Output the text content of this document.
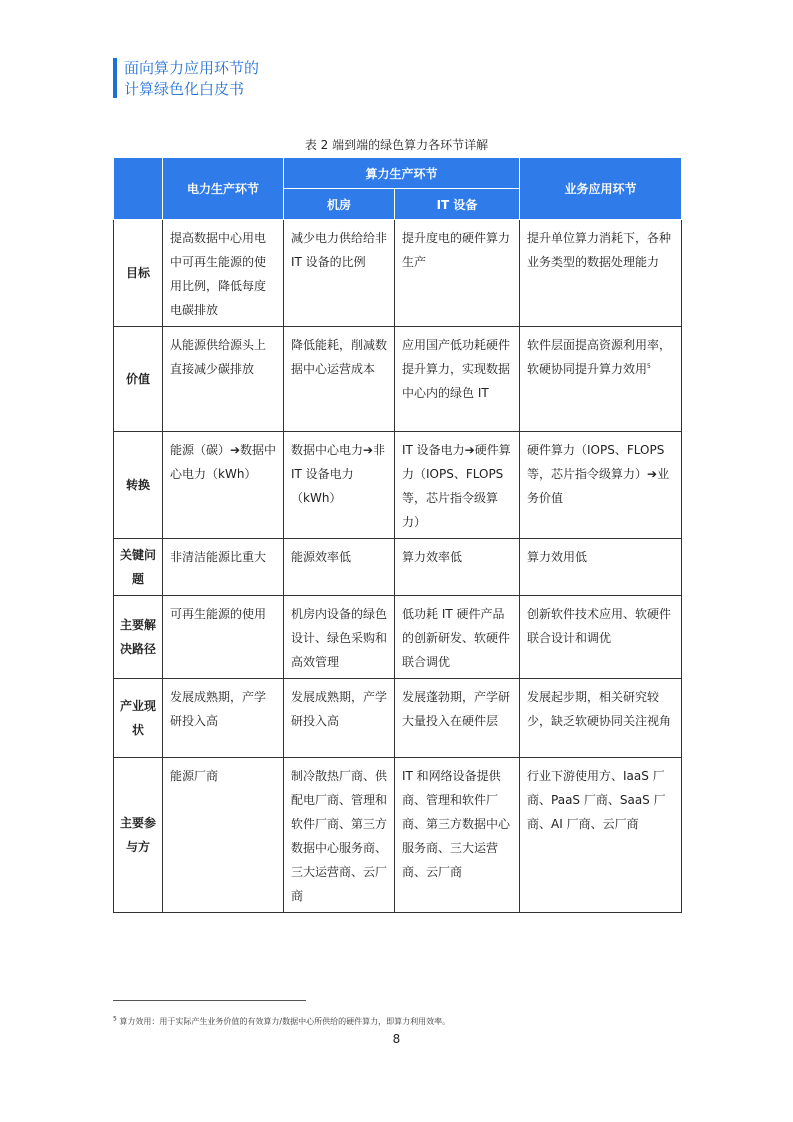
面向算力应用环节的
计算绿色化白皮书
表 2 端到端的绿色算力各环节详解
	电力生产环节	算力生产环节		业务应用环节
		机房	IT 设备	
目标	提高数据中心用电中可再生能源的使用比例，降低每度电碳排放	减少电力供给给非 IT 设备的比例	提升度电的硬件算力生产	提升单位算力消耗下，各种业务类型的数据处理能力
价值	从能源供给源头上直接减少碳排放	降低能耗，削减数据中心运营成本	应用国产低功耗硬件提升算力，实现数据中心内的绿色 IT	软件层面提高资源利用率，软硬协同提升算力效用$^5$
转换	能源（碳）➔数据中心电力（kWh）	数据中心电力➔非 IT 设备电力（kWh）	IT 设备电力➔硬件算力（IOPS、FLOPS 等，芯片指令级算力）	硬件算力（IOPS、FLOPS 等，芯片指令级算力）➔业务价值
关键问题	非清洁能源比重大	能源效率低	算力效率低	算力效用低
主要解决路径	可再生能源的使用	机房内设备的绿色设计、绿色采购和高效管理	低功耗 IT 硬件产品的创新研发、软硬件联合调优	创新软件技术应用、软硬件联合设计和调优
产业现状	发展成熟期，产学研投入高	发展成熟期，产学研投入高	发展蓬勃期，产学研大量投入在硬件层	发展起步期，相关研究较少，缺乏软硬协同关注视角
主要参与方	能源厂商	制冷散热厂商、供配电厂商、管理和软件厂商、第三方数据中心服务商、三大运营商、云厂商	IT 和网络设备提供商、管理和软件厂商、第三方数据中心服务商、三大运营商、云厂商	行业下游使用方、IaaS 厂商、PaaS 厂商、SaaS 厂商、AI 厂商、云厂商
$^5$ 算力效用：用于实际产生业务价值的有效算力/数据中心所供给的硬件算力，即算力利用效率。
8
